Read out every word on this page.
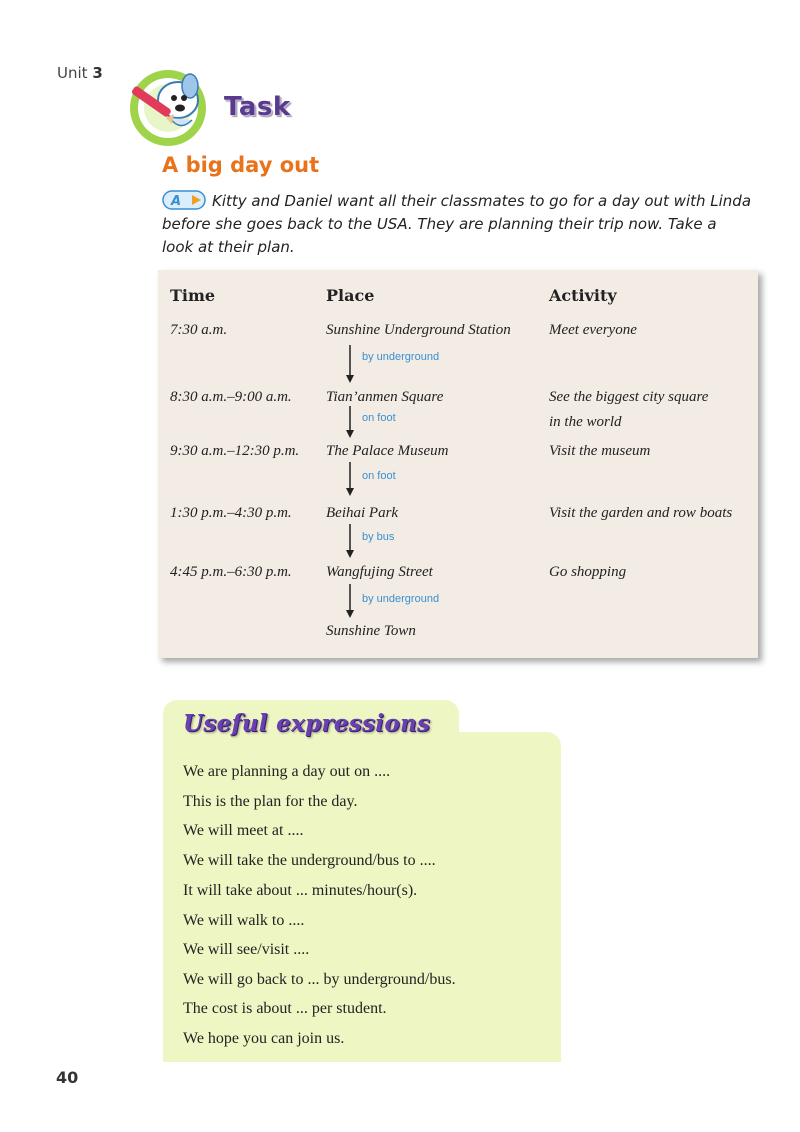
Unit 3
Task
A big day out
A Kitty and Daniel want all their classmates to go for a day out with Linda before she goes back to the USA. They are planning their trip now. Take a look at their plan.
Time	Place	Activity
7:30 a.m.	Sunshine Underground Station	Meet everyone
8:30 a.m.–9:00 a.m. Tian’anmen Square	See the biggest city square
in the world
9:30 a.m.–12:30 p.m. The Palace Museum	Visit the museum
1:30 p.m.–4:30 p.m. Beihai Park	Visit the garden and row boats
4:45 p.m.–6:30 p.m. Wangfujing Street	Go shopping
Sunshine Town
by underground
on foot
on foot
by bus
by underground
Useful expressions
We are planning a day out on ....
This is the plan for the day.
We will meet at ....
We will take the underground/bus to ....
It will take about ... minutes/hour(s).
We will walk to ....
We will see/visit ....
We will go back to ... by underground/bus.
The cost is about ... per student.
We hope you can join us.
40
